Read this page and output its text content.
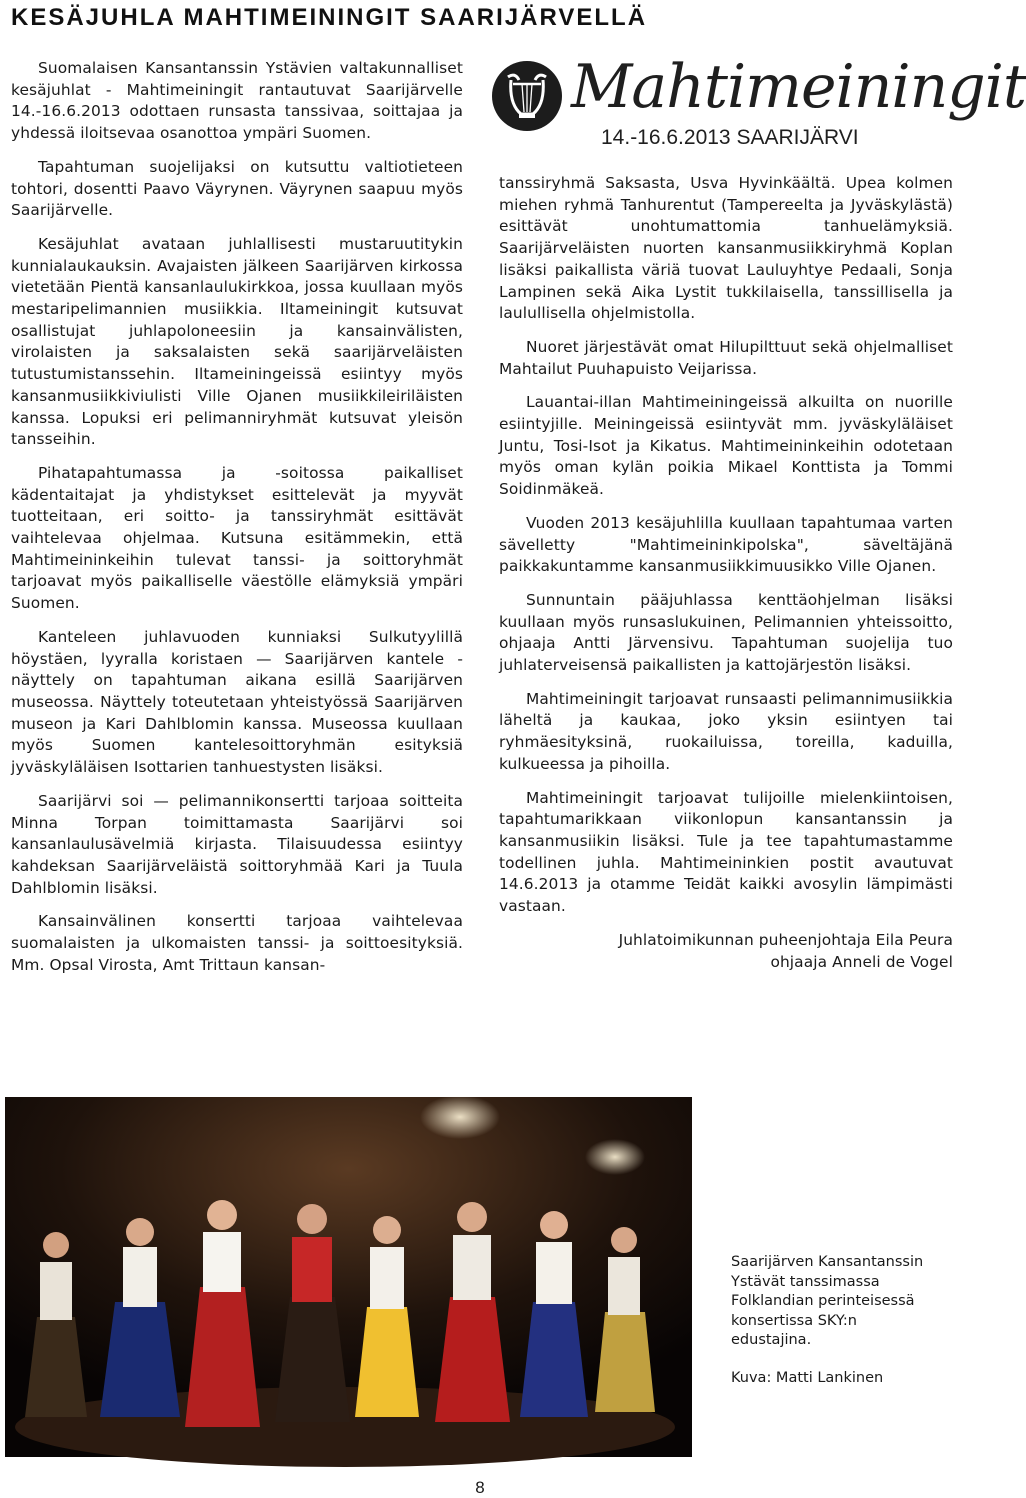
KESÄJUHLA MAHTIMEININGIT SAARIJÄRVELLÄ
Mahtimeiningit
14.-16.6.2013 SAARIJÄRVI

Suomalaisen Kansantanssin Ystävien valtakunnalliset kesäjuhlat - Mahtimeiningit rantautuvat Saarijärvelle 14.-16.6.2013 odottaen runsasta tanssivaa, soittajaa ja yhdessä iloitsevaa osanottoa ympäri Suomen.

Tapahtuman suojelijaksi on kutsuttu valtiotieteen tohtori, dosentti Paavo Väyrynen. Väyrynen saapuu myös Saarijärvelle.

Kesäjuhlat avataan juhlallisesti mustaruutitykin kunnialaukauksin. Avajaisten jälkeen Saarijärven kirkossa vietetään Pientä kansanlaulukirkkoa, jossa kuullaan myös mestaripelimannien musiikkia. Iltameiningit kutsuvat osallistujat juhlapoloneesiin ja kansainvälisten, virolaisten ja saksalaisten sekä saarijärveläisten tutustumistanssehin. Iltameiningeissä esiintyy myös kansanmusiikkiviulisti Ville Ojanen musiikkileiriläisten kanssa. Lopuksi eri pelimanniryhmät kutsuvat yleisön tansseihin.

Pihatapahtumassa ja -soitossa paikalliset kädentaitajat ja yhdistykset esittelevät ja myyvät tuotteitaan, eri soitto- ja tanssiryhmät esittävät vaihtelevaa ohjelmaa. Kutsuna esitämmekin, että Mahtimeininkeihin tulevat tanssi- ja soittoryhmät tarjoavat myös paikalliselle väestölle elämyksiä ympäri Suomen.

Kanteleen juhlavuoden kunniaksi Sulkutyylillä höystäen, lyyralla koristaen — Saarijärven kantele -näyttely on tapahtuman aikana esillä Saarijärven museossa. Näyttely toteutetaan yhteistyössä Saarijärven museon ja Kari Dahlblomin kanssa. Museossa kuullaan myös Suomen kantelesoittoryhmän esityksiä jyväskyläläisen Isottarien tanhuestysten lisäksi.

Saarijärvi soi — pelimannikonsertti tarjoaa soitteita Minna Torpan toimittamasta Saarijärvi soi kansanlaulusävelmiä kirjasta. Tilaisuudessa esiintyy kahdeksan Saarijärveläistä soittoryhmää Kari ja Tuula Dahlblomin lisäksi.

Kansainvälinen konsertti tarjoaa vaihtelevaa suomalaisten ja ulkomaisten tanssi- ja soittoesityksiä. Mm. Opsal Virosta, Amt Trittaun kansan-

tanssiryhmä Saksasta, Usva Hyvinkäältä. Upea kolmen miehen ryhmä Tanhurentut (Tampereelta ja Jyväskylästä) esittävät unohtumattomia tanhuelämyksiä. Saarijärveläisten nuorten kansanmusiikkiryhmä Koplan lisäksi paikallista väriä tuovat Lauluyhtye Pedaali, Sonja Lampinen sekä Aika Lystit tukkilaisella, tanssillisella ja laulullisella ohjelmistolla.

Nuoret järjestävät omat Hilupilttuut sekä ohjelmalliset Mahtailut Puuhapuisto Veijarissa.

Lauantai-illan Mahtimeiningeissä alkuilta on nuorille esiintyjille. Meiningeissä esiintyvät mm. jyväskyläläiset Juntu, Tosi-Isot ja Kikatus. Mahtimeininkeihin odotetaan myös oman kylän poikia Mikael Konttista ja Tommi Soidinmäkeä.

Vuoden 2013 kesäjuhlilla kuullaan tapahtumaa varten sävelletty "Mahtimeininkipolska", säveltäjänä paikkakuntamme kansanmusiikkimuusikko Ville Ojanen.

Sunnuntain pääjuhlassa kenttäohjelman lisäksi kuullaan myös runsaslukuinen, Pelimannien yhteissoitto, ohjaaja Antti Järvensivu. Tapahtuman suojelija tuo juhlaterveisensä paikallisten ja kattojärjestön lisäksi.

Mahtimeiningit tarjoavat runsaasti pelimannimusiikkia läheltä ja kaukaa, joko yksin esiintyen tai ryhmäesityksinä, ruokailuissa, toreilla, kaduilla, kulkueessa ja pihoilla.

Mahtimeiningit tarjoavat tulijoille mielenkiintoisen, tapahtumarikkaan viikonlopun kansantanssin ja kansanmusiikin lisäksi. Tule ja tee tapahtumastamme todellinen juhla. Mahtimeininkien postit avautuvat 14.6.2013 ja otamme Teidät kaikki avosylin lämpimästi vastaan.

Juhlatoimikunnan puheenjohtaja Eila Peura
ohjaaja Anneli de Vogel

Saarijärven Kansantanssin Ystävät tanssimassa Folklandian perinteisessä konsertissa SKY:n edustajina.

Kuva: Matti Lankinen
8
